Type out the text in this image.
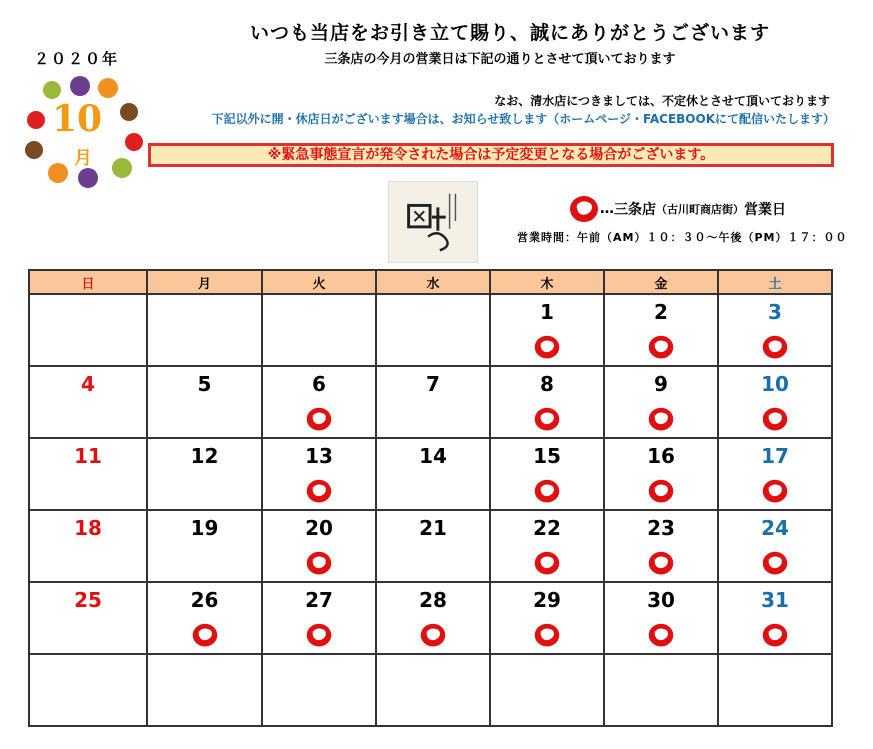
いつも当店をお引き立て賜り、誠にありがとうございます
三条店の今月の営業日は下記の通りとさせて頂いております
２０２０年
10
月
なお、清水店につきましては、不定休とさせて頂いております
下記以外に開・休店日がございます場合は、お知らせ致します（ホームページ・FACEBOOKにて配信いたします）
※緊急事態宣言が発令された場合は予定変更となる場合がございます。
… 三条店 （古川町商店街） 営業日
営業時間：午前（AM）１０：３０～午後（PM）１７：００
日	月	火	水	木	金	土

				1	2	3

4	5	6	7	8	9	10

11	12	13	14	15	16	17

18	19	20	21	22	23	24

25	26	27	28	29	30	31
